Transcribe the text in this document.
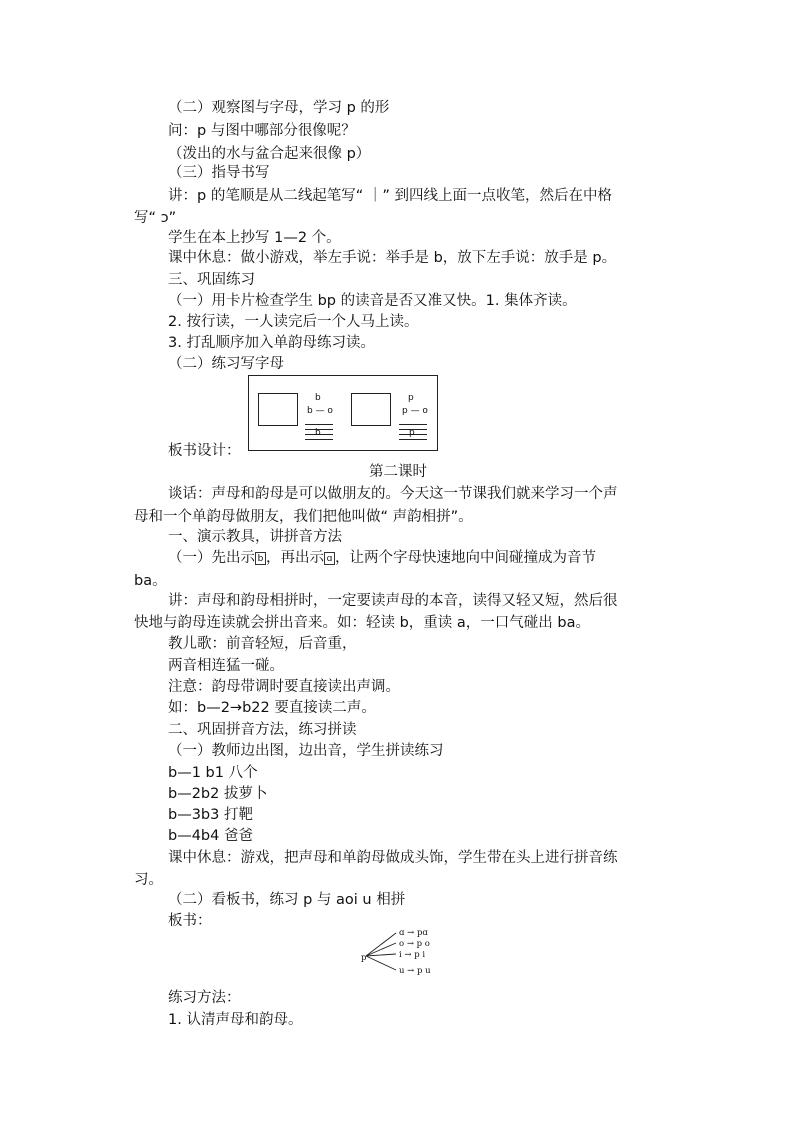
（二）观察图与字母，学习 p 的形
问：p 与图中哪部分很像呢？
（泼出的水与盆合起来很像 p）
（三）指导书写
讲：p 的笔顺是从二线起笔写“ ｜” 到四线上面一点收笔，然后在中格
写“ ɔ”
学生在本上抄写 1—2 个。
课中休息：做小游戏，举左手说：举手是 b，放下左手说：放手是 p。
三、巩固练习
（一）用卡片检查学生 bp 的读音是否又准又快。1. 集体齐读。
2. 按行读，一人读完后一个人马上读。
3. 打乱顺序加入单韵母练习读。
（二）练习写字母
b
b — o
b
p
p — o
p
板书设计：
第二课时
谈话：声母和韵母是可以做朋友的。今天这一节课我们就来学习一个声
母和一个单韵母做朋友，我们把他叫做“ 声韵相拼”。
一、演示教具，讲拼音方法
（一）先出示 b ，再出示 ɑ ，让两个字母快速地向中间碰撞成为音节
ba。
讲：声母和韵母相拼时，一定要读声母的本音，读得又轻又短，然后很
快地与韵母连读就会拼出音来。如：轻读 b，重读 a，一口气碰出 ba。
教儿歌：前音轻短，后音重，
两音相连猛一碰。
注意：韵母带调时要直接读出声调。
如：b—2→b22 要直接读二声。
二、巩固拼音方法，练习拼读
（一）教师边出图，边出音，学生拼读练习
b—1 b1 八个
b—2b2 拔萝卜
b—3b3 打靶
b—4b4 爸爸
课中休息：游戏，把声母和单韵母做成头饰，学生带在头上进行拼音练
习。
（二）看板书，练习 p 与 aoi u 相拼
板书：
p
ɑ → pɑ
o → p o
i → p i
u → p u
练习方法：
1. 认清声母和韵母。
